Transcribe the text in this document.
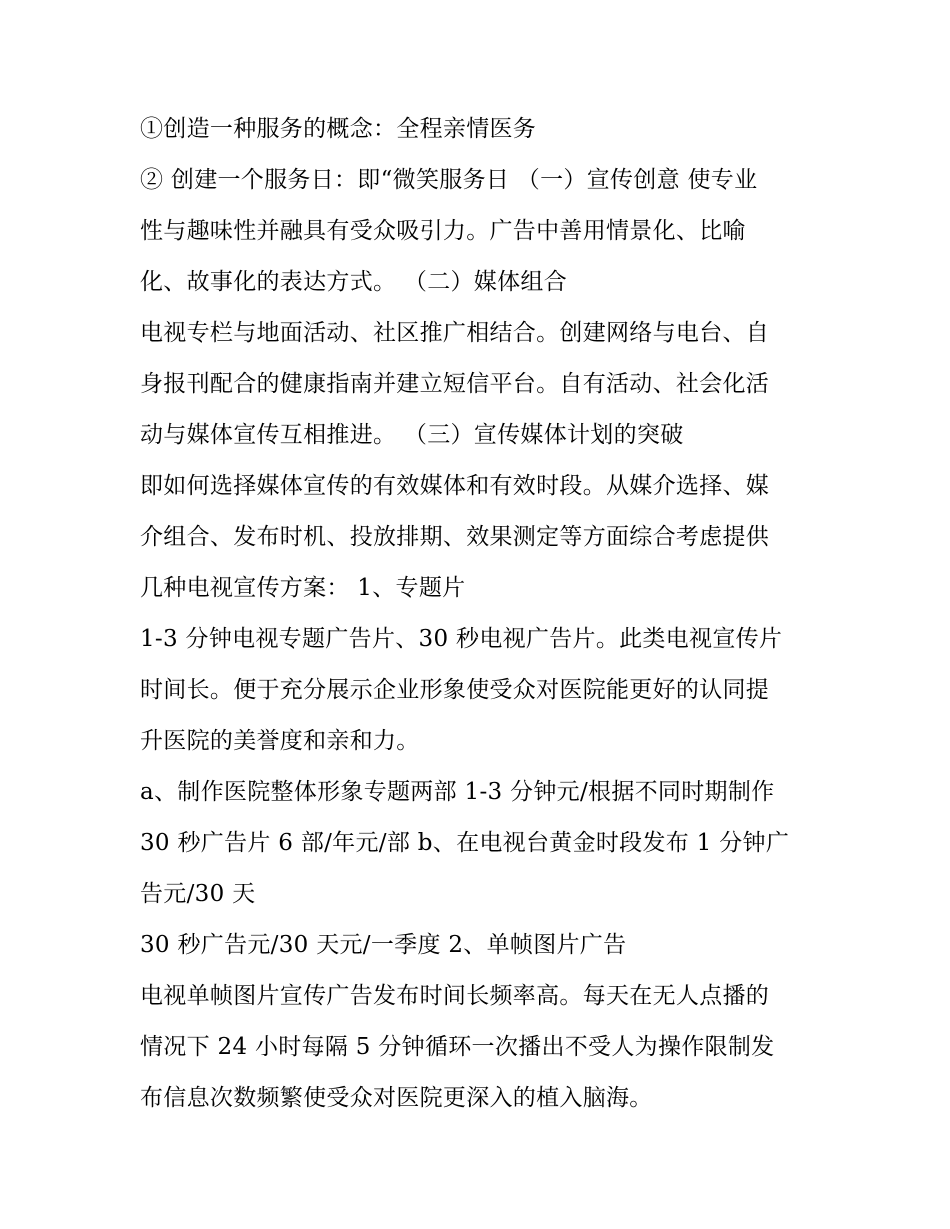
①创造一种服务的概念：全程亲情医务
② 创建一个服务日：即“微笑服务日 （一）宣传创意 使专业
性与趣味性并融具有受众吸引力。广告中善用情景化、比喻
化、故事化的表达方式。 （二）媒体组合
电视专栏与地面活动、社区推广相结合。创建网络与电台、自
身报刊配合的健康指南并建立短信平台。自有活动、社会化活
动与媒体宣传互相推进。 （三）宣传媒体计划的突破
即如何选择媒体宣传的有效媒体和有效时段。从媒介选择、媒
介组合、发布时机、投放排期、效果测定等方面综合考虑提供
几种电视宣传方案： 1、专题片
1-3 分钟电视专题广告片、30 秒电视广告片。此类电视宣传片
时间长。便于充分展示企业形象使受众对医院能更好的认同提
升医院的美誉度和亲和力。
a、制作医院整体形象专题两部 1-3 分钟元/根据不同时期制作
30 秒广告片 6 部/年元/部 b、在电视台黄金时段发布 1 分钟广
告元/30 天
30 秒广告元/30 天元/一季度 2、单帧图片广告
电视单帧图片宣传广告发布时间长频率高。每天在无人点播的
情况下 24 小时每隔 5 分钟循环一次播出不受人为操作限制发
布信息次数频繁使受众对医院更深入的植入脑海。
